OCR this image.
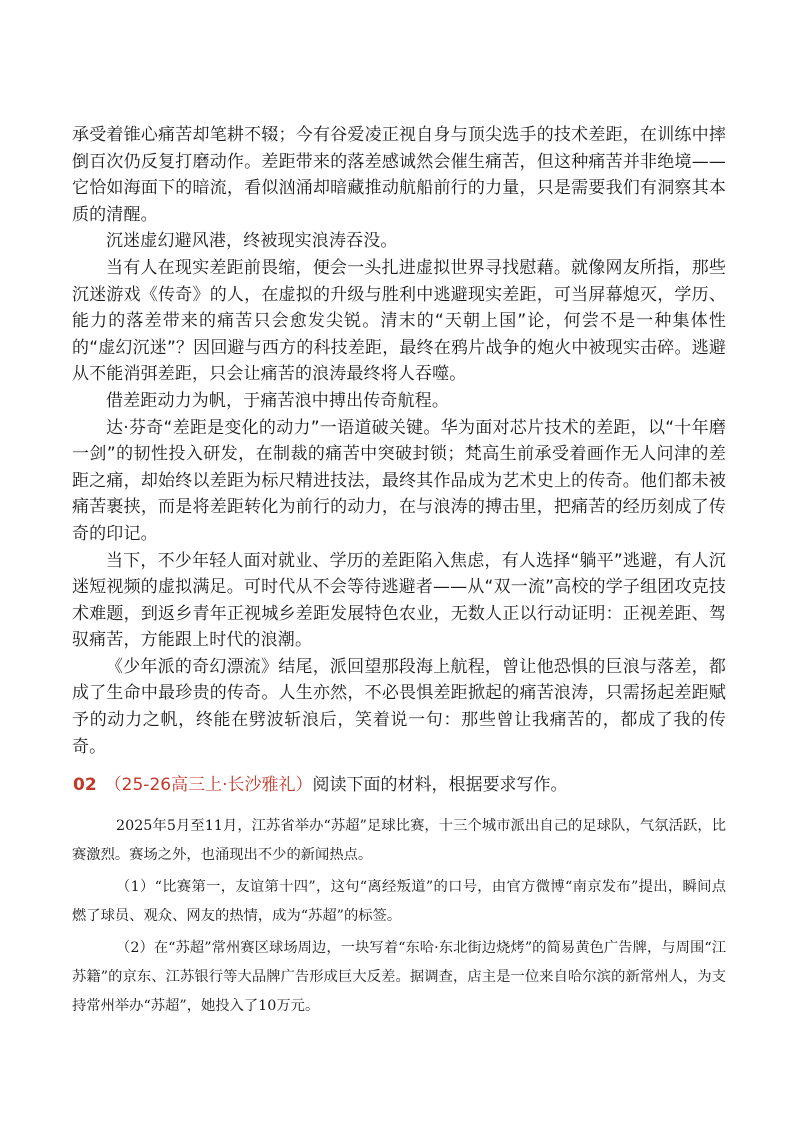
承受着锥心痛苦却笔耕不辍；今有谷爱凌正视自身与顶尖选手的技术差距，在训练中摔倒百次仍反复打磨动作。差距带来的落差感诚然会催生痛苦，但这种痛苦并非绝境——它恰如海面下的暗流，看似汹涌却暗藏推动航船前行的力量，只是需要我们有洞察其本质的清醒。

沉迷虚幻避风港，终被现实浪涛吞没。

当有人在现实差距前畏缩，便会一头扎进虚拟世界寻找慰藉。就像网友所指，那些沉迷游戏《传奇》的人，在虚拟的升级与胜利中逃避现实差距，可当屏幕熄灭，学历、能力的落差带来的痛苦只会愈发尖锐。清末的“天朝上国”论，何尝不是一种集体性的“虚幻沉迷”？因回避与西方的科技差距，最终在鸦片战争的炮火中被现实击碎。逃避从不能消弭差距，只会让痛苦的浪涛最终将人吞噬。

借差距动力为帆，于痛苦浪中搏出传奇航程。

达·芬奇“差距是变化的动力”一语道破关键。华为面对芯片技术的差距，以“十年磨一剑”的韧性投入研发，在制裁的痛苦中突破封锁；梵高生前承受着画作无人问津的差距之痛，却始终以差距为标尺精进技法，最终其作品成为艺术史上的传奇。他们都未被痛苦裹挟，而是将差距转化为前行的动力，在与浪涛的搏击里，把痛苦的经历刻成了传奇的印记。

当下，不少年轻人面对就业、学历的差距陷入焦虑，有人选择“躺平”逃避，有人沉迷短视频的虚拟满足。可时代从不会等待逃避者——从“双一流”高校的学子组团攻克技术难题，到返乡青年正视城乡差距发展特色农业，无数人正以行动证明：正视差距、驾驭痛苦，方能跟上时代的浪潮。

《少年派的奇幻漂流》结尾，派回望那段海上航程，曾让他恐惧的巨浪与落差，都成了生命中最珍贵的传奇。人生亦然，不必畏惧差距掀起的痛苦浪涛，只需扬起差距赋予的动力之帆，终能在劈波斩浪后，笑着说一句：那些曾让我痛苦的，都成了我的传奇。

02 （25-26高三上·长沙雅礼）阅读下面的材料，根据要求写作。

2025年5月至11月，江苏省举办“苏超”足球比赛，十三个城市派出自己的足球队，气氛活跃，比赛激烈。赛场之外，也涌现出不少的新闻热点。

（1）“比赛第一，友谊第十四”，这句“离经叛道”的口号，由官方微博“南京发布”提出，瞬间点燃了球员、观众、网友的热情，成为“苏超”的标签。

（2）在“苏超”常州赛区球场周边，一块写着“东哈·东北街边烧烤”的简易黄色广告牌，与周围“江苏籍”的京东、江苏银行等大品牌广告形成巨大反差。据调查，店主是一位来自哈尔滨的新常州人，为支持常州举办“苏超”，她投入了10万元。
